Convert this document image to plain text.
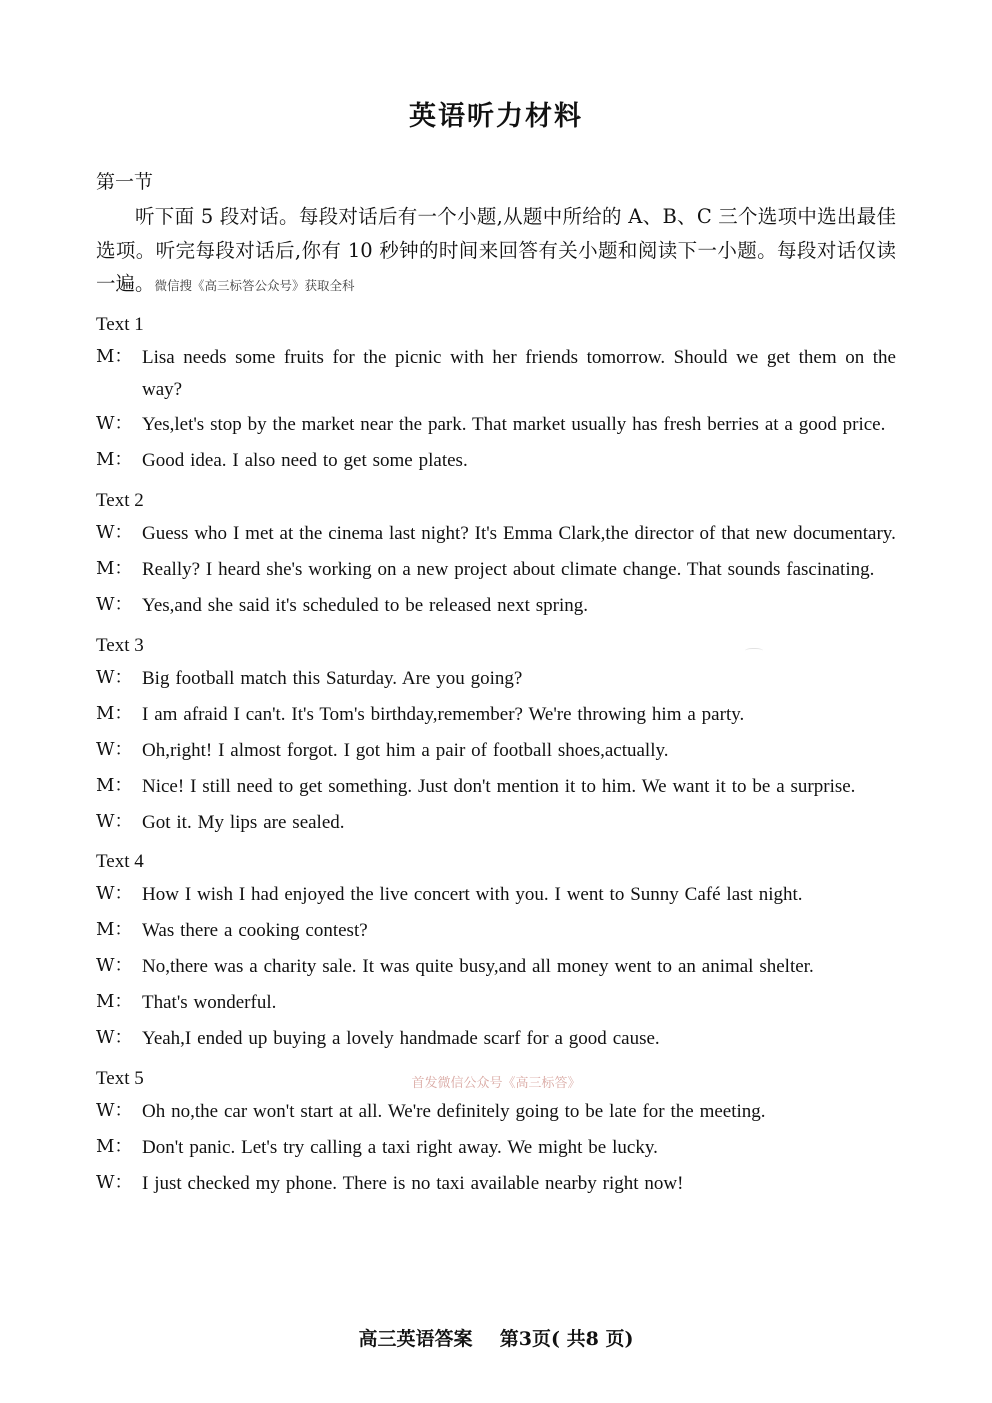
英语听力材料
第一节

听下面 5 段对话。每段对话后有一个小题,从题中所给的 A、B、C 三个选项中选出最佳选项。听完每段对话后,你有 10 秒钟的时间来回答有关小题和阅读下一小题。每段对话仅读一遍。微信搜《高三标答公众号》获取全科

Text 1
M： Lisa needs some fruits for the picnic with her friends tomorrow. Should we get them on the way?
W： Yes,let's stop by the market near the park. That market usually has fresh berries at a good price.
M： Good idea. I also need to get some plates.
Text 2
W： Guess who I met at the cinema last night? It's Emma Clark,the director of that new documentary.
M： Really? I heard she's working on a new project about climate change. That sounds fascinating.
W： Yes,and she said it's scheduled to be released next spring.
Text 3
W： Big football match this Saturday. Are you going?
M： I am afraid I can't. It's Tom's birthday,remember? We're throwing him a party.
W： Oh,right! I almost forgot. I got him a pair of football shoes,actually.
M： Nice! I still need to get something. Just don't mention it to him. We want it to be a surprise.
W： Got it. My lips are sealed.
Text 4
W： How I wish I had enjoyed the live concert with you. I went to Sunny Café last night.
M： Was there a cooking contest?
W： No,there was a charity sale. It was quite busy,and all money went to an animal shelter.
M： That's wonderful.
W： Yeah,I ended up buying a lovely handmade scarf for a good cause.
Text 5
W： Oh no,the car won't start at all. We're definitely going to be late for the meeting.
M： Don't panic. Let's try calling a taxi right away. We might be lucky.
W： I just checked my phone. There is no taxi available nearby right now!
首发微信公众号《高三标答》
高三英语答案 第3页( 共8 页)
